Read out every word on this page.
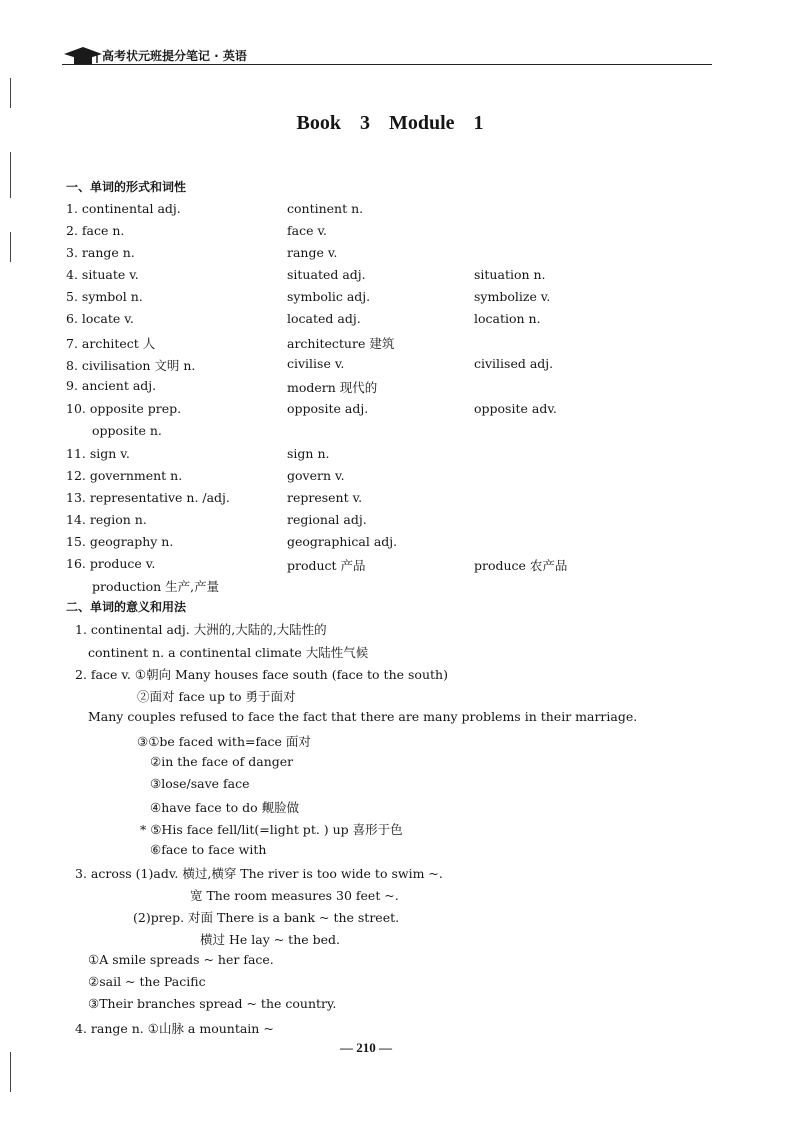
高考状元班提分笔记 · 英语
Book 3 Module 1
一、单词的形式和词性
1. continental adj.	continent n.
2. face n.	face v.
3. range n.	range v.
4. situate v.	situated adj.	situation n.
5. symbol n.	symbolic adj.	symbolize v.
6. locate v.	located adj.	location n.
7. architect 人	architecture 建筑
8. civilisation 文明 n.	civilise v.	civilised adj.
9. ancient adj.	modern 现代的
10. opposite prep.	opposite adj.	opposite adv.
opposite n.
11. sign v.	sign n.
12. government n.	govern v.
13. representative n. /adj.	represent v.
14. region n.	regional adj.
15. geography n.	geographical adj.
16. produce v.	product 产品	produce 农产品
production 生产,产量
二、单词的意义和用法
1. continental adj. 大洲的,大陆的,大陆性的
continent n. a continental climate 大陆性气候
2. face v. ①朝向 Many houses face south (face to the south)
②面对 face up to 勇于面对
Many couples refused to face the fact that there are many problems in their marriage.
③①be faced with=face 面对
②in the face of danger
③lose/save face
④have face to do 觍脸做
* ⑤His face fell/lit(=light pt. ) up 喜形于色
⑥face to face with
3. across (1)adv. 横过,横穿 The river is too wide to swim ~.
宽 The room measures 30 feet ~.
(2)prep. 对面 There is a bank ~ the street.
横过 He lay ~ the bed.
①A smile spreads ~ her face.
②sail ~ the Pacific
③Their branches spread ~ the country.
4. range n. ①山脉 a mountain ~
— 210 —
